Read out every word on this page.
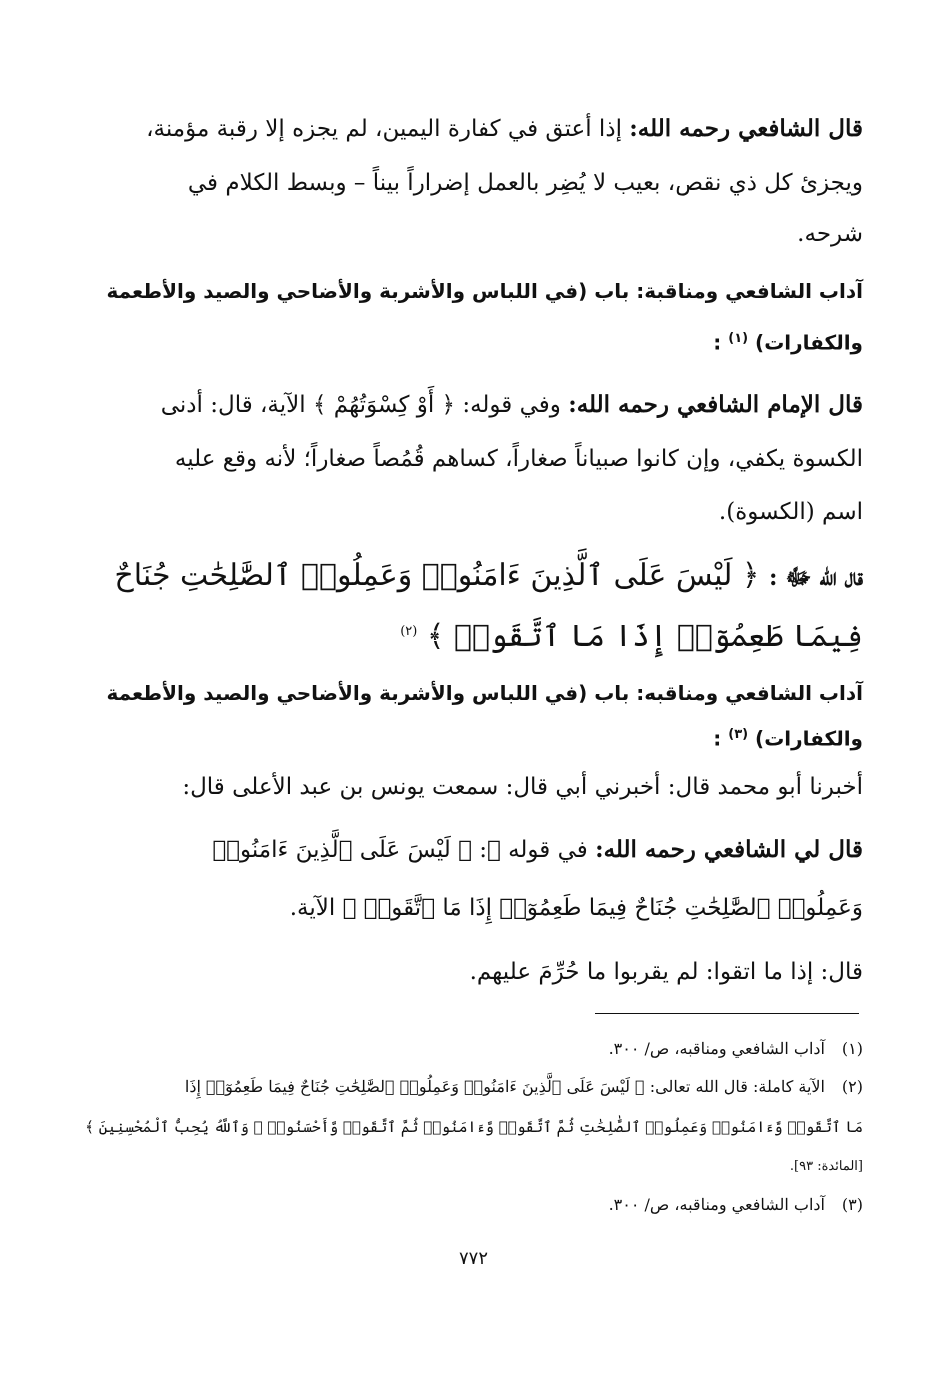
قال الشافعي رحمه الله: إذا أعتق في كفارة اليمين، لم يجزه إلا رقبة مؤمنة،
ويجزئ كل ذي نقص، بعيب لا يُضِر بالعمل إضراراً بيناً – وبسط الكلام في
شرحه.
آداب الشافعي ومناقبة: باب (في اللباس والأشربة والأضاحي والصيد والأطعمة
والكفارات) $^{(١)}$ :
قال الإمام الشافعي رحمه الله: وفي قوله: ﴿ أَوْ كِسْوَتُهُمْ ﴾ الآية، قال: أدنى
الكسوة يكفي، وإن كانوا صبياناً صغاراً، كساهم قُمُصاً صغاراً؛ لأنه وقع عليه
اسم (الكسوة).
قال الله ﷻ : ﴿ لَيْسَ عَلَى ٱلَّذِينَ ءَامَنُوا۟ وَعَمِلُوا۟ ٱلصَّٰلِحَٰتِ جُنَاحٌ
فِيمَا طَعِمُوٓا۟ إِذَا مَا ٱتَّقَوا۟ ﴾ $^{(٢)}$
آداب الشافعي ومناقبه: باب (في اللباس والأشربة والأضاحي والصيد والأطعمة
والكفارات) $^{(٣)}$ :
أخبرنا أبو محمد قال: أخبرني أبي قال: سمعت يونس بن عبد الأعلى قال:
قال لي الشافعي رحمه الله: في قوله ﷻ: ﴿ لَيْسَ عَلَى ٱلَّذِينَ ءَامَنُوا۟
وَعَمِلُوا۟ ٱلصَّٰلِحَٰتِ جُنَاحٌ فِيمَا طَعِمُوٓا۟ إِذَا مَا ٱتَّقَوا۟ ﴾ الآية.
قال: إذا ما اتقوا: لم يقربوا ما حُرِّمَ عليهم.
(١)آداب الشافعي ومناقبه، ص/ ٣٠٠.
(٢)الآية كاملة: قال الله تعالى: ﴿ لَيْسَ عَلَى ٱلَّذِينَ ءَامَنُوا۟ وَعَمِلُوا۟ ٱلصَّٰلِحَٰتِ جُنَاحٌ فِيمَا طَعِمُوٓا۟ إِذَا
مَا ٱتَّقَوا۟ وَّءَامَنُوا۟ وَعَمِلُوا۟ ٱلصَّٰلِحَٰتِ ثُمَّ ٱتَّقَوا۟ وَّءَامَنُوا۟ ثُمَّ ٱتَّقَوا۟ وَّأَحْسَنُوا۟ ۗ وَٱللَّهُ يُحِبُّ ٱلْمُحْسِنِينَ ﴾
[المائدة: ٩٣].
(٣)آداب الشافعي ومناقبه، ص/ ٣٠٠.
٧٧٢
